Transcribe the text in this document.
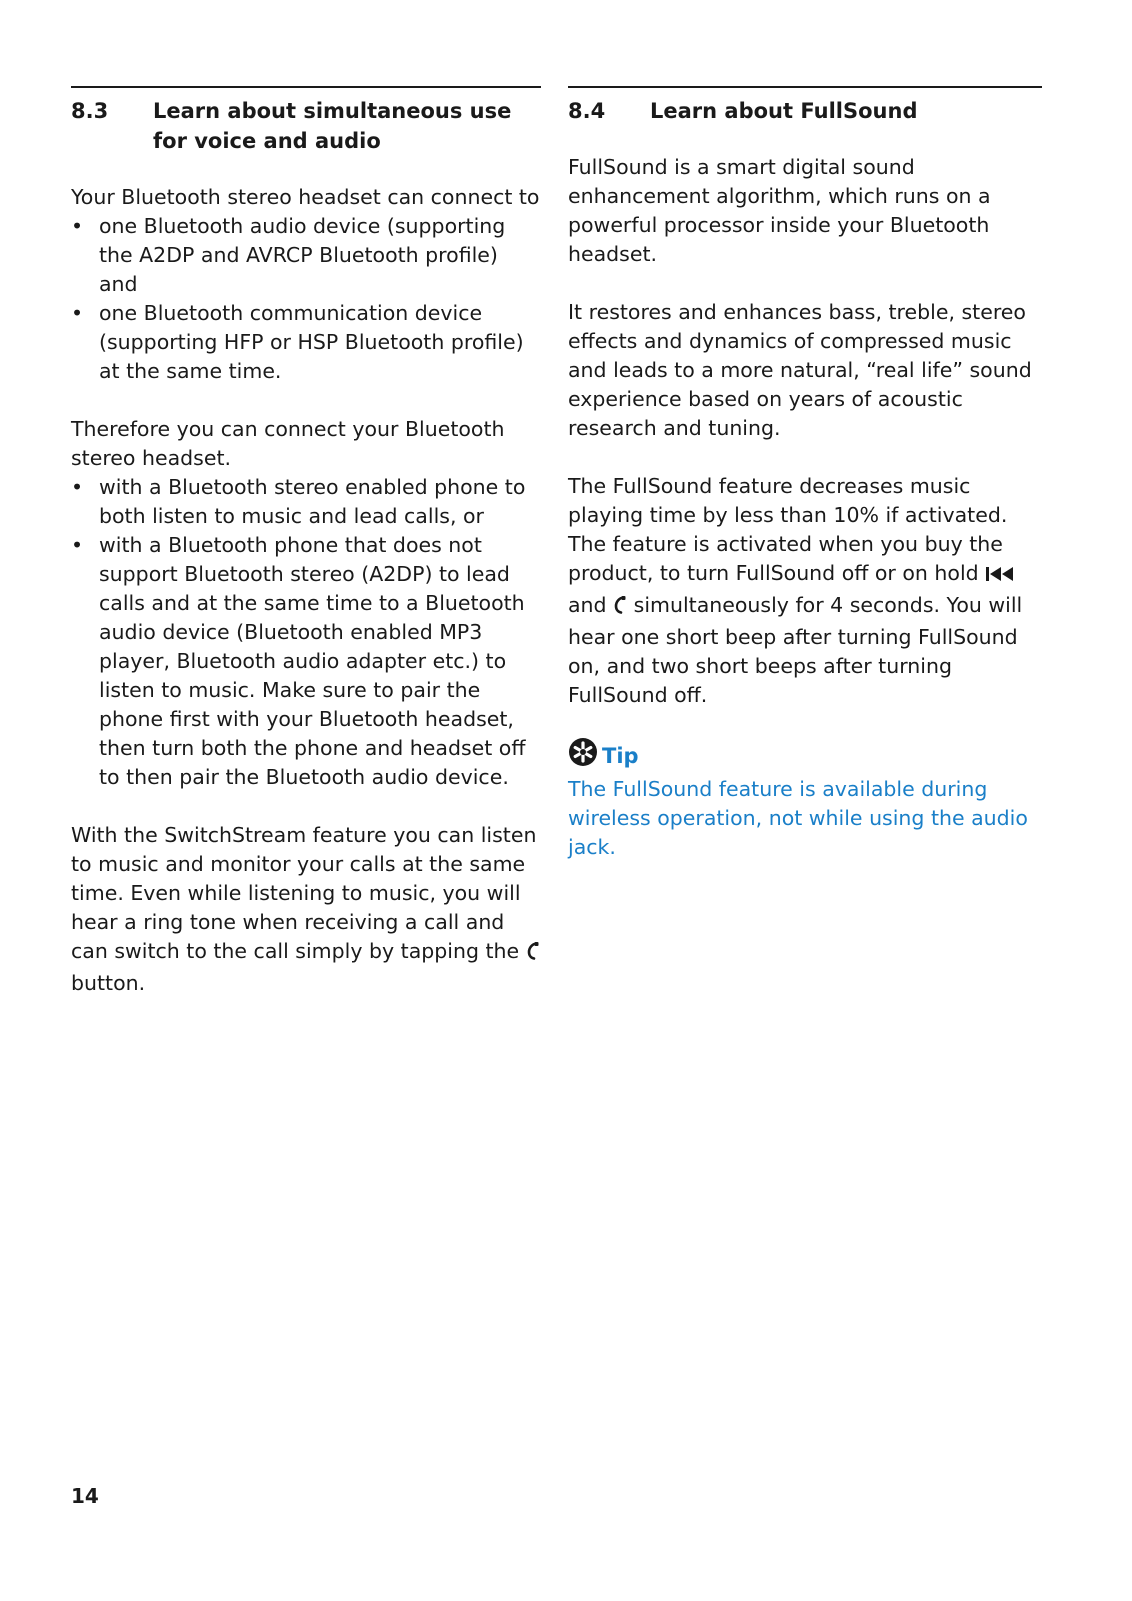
8.3	Learn about simultaneous use for voice and audio

Your Bluetooth stereo headset can connect to

• one Bluetooth audio device (supporting the A2DP and AVRCP Bluetooth profile) and
• one Bluetooth communication device (supporting HFP or HSP Bluetooth profile) at the same time.

Therefore you can connect your Bluetooth stereo headset.

• with a Bluetooth stereo enabled phone to both listen to music and lead calls, or
• with a Bluetooth phone that does not support Bluetooth stereo (A2DP) to lead calls and at the same time to a Bluetooth audio device (Bluetooth enabled MP3 player, Bluetooth audio adapter etc.) to listen to music. Make sure to pair the phone first with your Bluetooth headset, then turn both the phone and headset off to then pair the Bluetooth audio device.

With the SwitchStream feature you can listen to music and monitor your calls at the same time. Even while listening to music, you will hear a ring tone when receiving a call and can switch to the call simply by tapping the  button.

8.4	Learn about FullSound

FullSound is a smart digital sound enhancement algorithm, which runs on a powerful processor inside your Bluetooth headset.

It restores and enhances bass, treble, stereo effects and dynamics of compressed music and leads to a more natural, “real life” sound experience based on years of acoustic research and tuning.

The FullSound feature decreases music playing time by less than 10% if activated. The feature is activated when you buy the product, to turn FullSound off or on hold  and simultaneously for 4 seconds. You will hear one short beep after turning FullSound on, and two short beeps after turning FullSound off.

Tip

The FullSound feature is available during wireless operation, not while using the audio jack.

14
